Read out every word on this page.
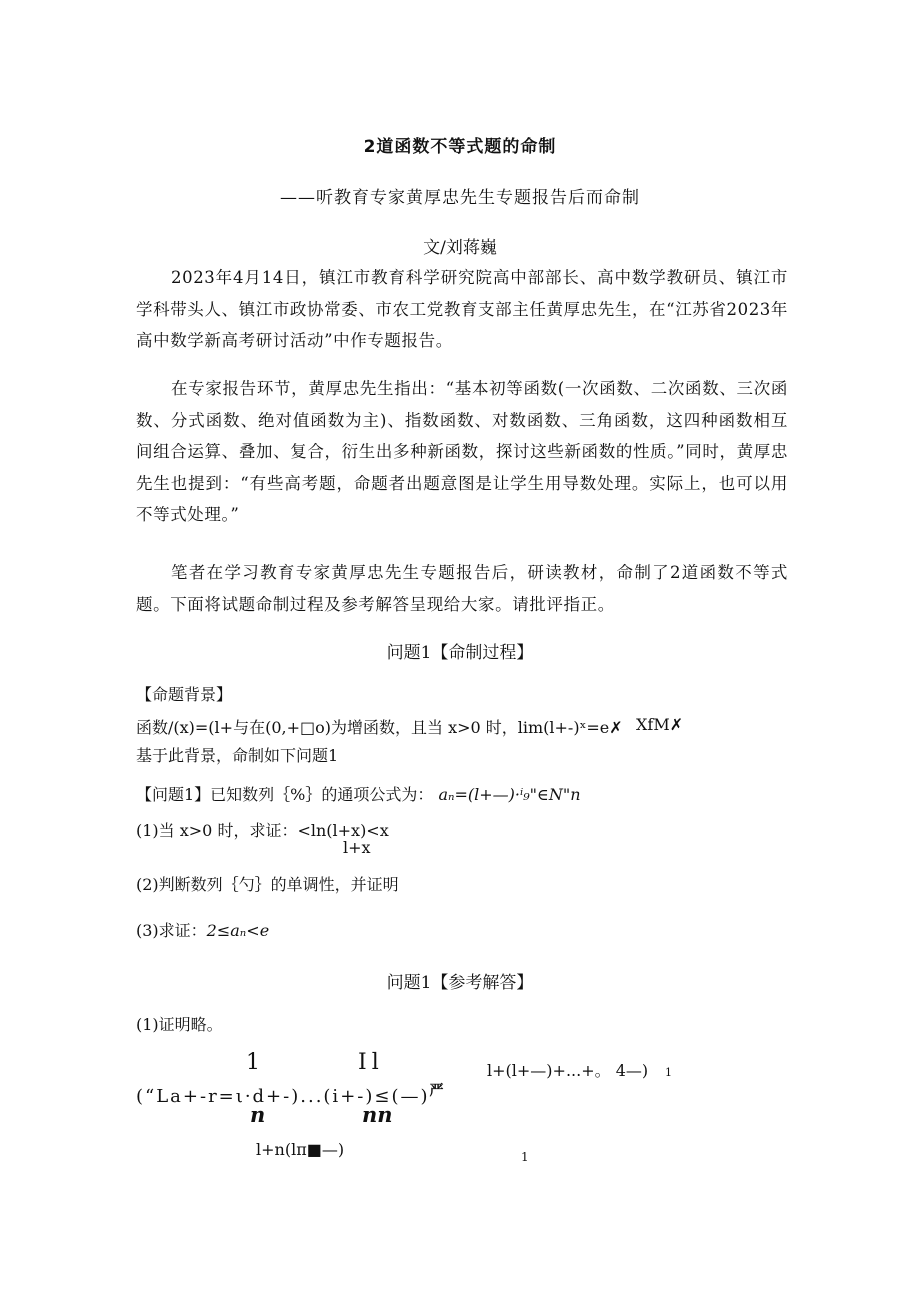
2道函数不等式题的命制
——听教育专家黄厚忠先生专题报告后而命制
文/刘蒋巍
2023年4月14日，镇江市教育科学研究院高中部部长、高中数学教研员、镇江市学科带头人、镇江市政协常委、市农工党教育支部主任黄厚忠先生，在“江苏省2023年高中数学新高考研讨活动”中作专题报告。
在专家报告环节，黄厚忠先生指出：“基本初等函数(一次函数、二次函数、三次函数、分式函数、绝对值函数为主)、指数函数、对数函数、三角函数，这四种函数相互间组合运算、叠加、复合，衍生出多种新函数，探讨这些新函数的性质。”同时，黄厚忠先生也提到：“有些高考题，命题者出题意图是让学生用导数处理。实际上，也可以用不等式处理。”
笔者在学习教育专家黄厚忠先生专题报告后，研读教材，命制了2道函数不等式题。下面将试题命制过程及参考解答呈现给大家。请批评指正。
问题1【命制过程】
【命题背景】
函数/(x)=(l+与在(0,+□o)为增函数，且当 x>0 时，lim(l+-)ˣ=e✗ XfM✗
基于此背景，命制如下问题1
【问题1】已知数列｛%｝的通项公式为： aₙ=(l+—)·ⁱ₉"∈N"n
(1)当 x>0 时，求证：<ln(l+x)<x
l+x
(2)判断数列｛勺｝的单调性，并证明
(3)求证：2≤aₙ<e
问题1【参考解答】
(1)证明略。
1	Il	l+(l+—)+...+。 4—) 1
(“La+-r=ι·d+-)...(i+-)≤(—)$^严$
n	nn
l+n(lπ■—)	1
